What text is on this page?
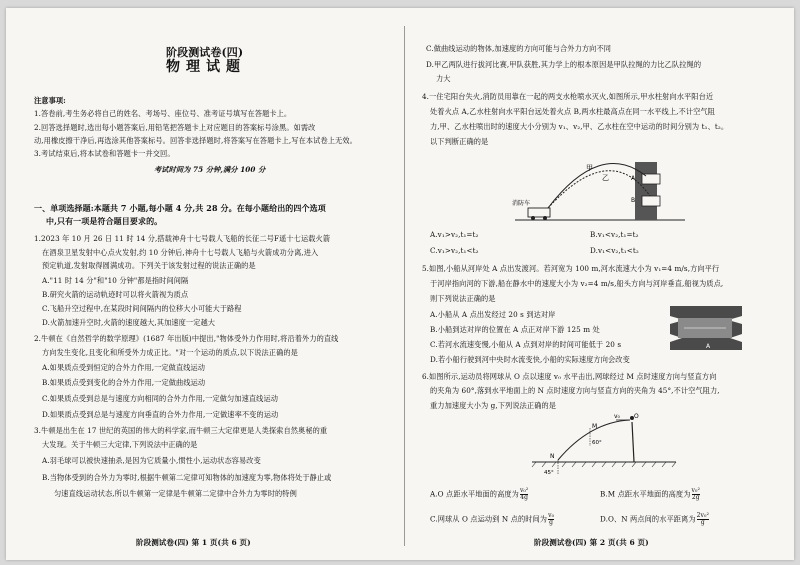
阶段测试卷(四)
物理试题
注意事项:
1.答卷前,考生务必将自己的姓名、考场号、座位号、准考证号填写在答题卡上。
2.回答选择题时,选出每小题答案后,用铅笔把答题卡上对应题目的答案标号涂黑。如需改
动,用橡皮擦干净后,再选涂其他答案标号。回答非选择题时,将答案写在答题卡上,写在本试卷上无效。
3.考试结束后,将本试卷和答题卡一并交回。
考试时间为 75 分钟,满分 100 分
一、单项选择题:本题共 7 小题,每小题 4 分,共 28 分。在每小题给出的四个选项
中,只有一项是符合题目要求的。
1.2023 年 10 月 26 日 11 时 14 分,搭载神舟十七号载人飞船的长征二号F遥十七运载火箭
在酒泉卫星发射中心点火发射,约 10 分钟后,神舟十七号载人飞船与火箭成功分离,进入
预定轨道,发射取得圆满成功。下列关于该发射过程的说法正确的是
A."11 时 14 分"和"10 分钟"都是指时间间隔
B.研究火箭的运动轨迹时可以将火箭视为质点
C.飞船升空过程中,在某段时间间隔内的位移大小可能大于路程
D.火箭加速升空时,火箭的速度越大,其加速度一定越大
2.牛顿在《自然哲学的数学原理》(1687 年出版)中提出,"物体受外力作用时,将沿着外力的直线
方向发生变化,且变化和所受外力成正比。"对一个运动的质点,以下说法正确的是
A.如果质点受到恒定的合外力作用,一定做直线运动
B.如果质点受到变化的合外力作用,一定做曲线运动
C.如果质点受到总是与速度方向相同的合外力作用,一定做匀加速直线运动
D.如果质点受到总是与速度方向垂直的合外力作用,一定做速率不变的运动
3.牛顿是出生在 17 世纪的英国的伟大的科学家,而牛顿三大定律更是人类探索自然奥秘的重
大发现。关于牛顿三大定律,下列说法中正确的是
A.羽毛球可以被快速抽杀,是因为它质量小,惯性小,运动状态容易改变
B.当物体受到的合外力为零时,根据牛顿第二定律可知物体的加速度为零,物体将处于静止或
匀速直线运动状态,所以牛顿第一定律是牛顿第二定律中合外力为零时的特例
阶段测试卷(四) 第 1 页(共 6 页)
C.做曲线运动的物体,加速度的方向可能与合外力方向不同
D.甲乙两队进行拔河比赛,甲队获胜,其力学上的根本原因是甲队拉绳的力比乙队拉绳的
力大
4.一住宅阳台失火,消防员用靠在一起的两支水枪喷水灭火,如图所示,甲水柱射向水平阳台近
处着火点 A,乙水柱射向水平阳台远处着火点 B,两水柱最高点在同一水平线上,不计空气阻
力,甲、乙水柱喷出时的速度大小分别为 v₁、v₂,甲、乙水柱在空中运动的时间分别为 t₁、t₂。
以下判断正确的是
甲
乙	A
B
消防车
A.v₁>v₂,t₁=t₂	B.v₁<v₂,t₁=t₂
C.v₁>v₂,t₁<t₂	D.v₁<v₂,t₁<t₂
5.如图,小船从河岸处 A 点出发渡河。若河宽为 100 m,河水流速大小为 v₁=4 m/s,方向平行
于河岸指向河的下游,船在静水中的速度大小为 v₂=4 m/s,船头方向与河岸垂直,船视为质点,
则下列说法正确的是
A.小船从 A 点出发经过 20 s 到达对岸
B.小船到达对岸的位置在 A 点正对岸下游 125 m 处
C.若河水流速变慢,小船从 A 点到对岸的时间可能低于 20 s
D.若小船行驶到河中央时水流变快,小船的实际速度方向会改变
A
6.如图所示,运动员将网球从 O 点以速度 v₀ 水平击出,网球经过 M 点时速度方向与竖直方向
的夹角为 60°,落到水平地面上的 N 点时速度方向与竖直方向的夹角为 45°,不计空气阻力,
重力加速度大小为 g,下列说法正确的是
v₀ O
M
60°
N
45°
A.O 点距水平地面的高度为 $\frac{\text{v₀²}}{4g}$	B.M 点距水平地面的高度为 $\frac{\text{v₀²}}{2g}$
C.网球从 O 点运动到 N 点的时间为 $\frac{\text{v₀}}{g}$	D.O、N 两点间的水平距离为 $\frac{\text{2v₀²}}{g}$
阶段测试卷(四) 第 2 页(共 6 页)
